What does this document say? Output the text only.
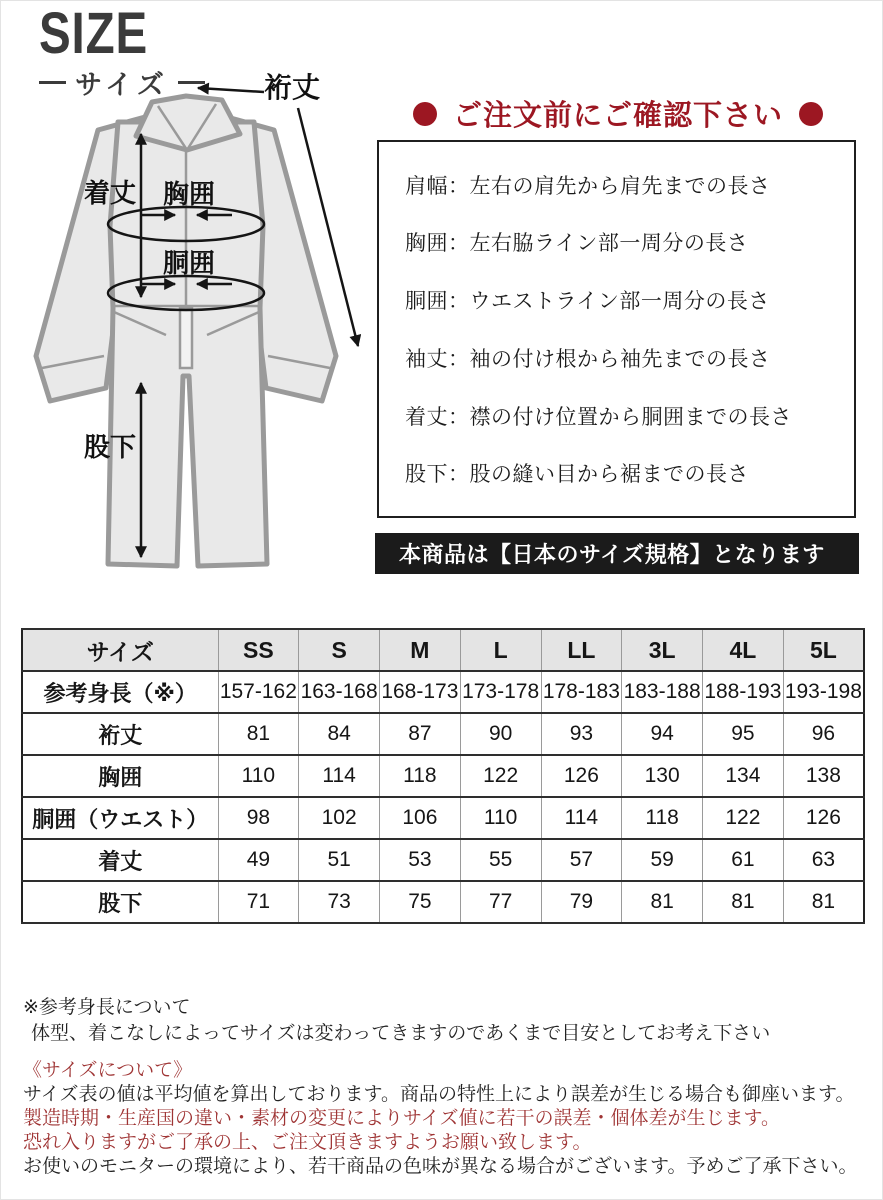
SIZE
サイズ	裄丈
着丈 胸囲
胴囲
股下
ご注文前にご確認下さい
肩幅：左右の肩先から肩先までの長さ
胸囲：左右脇ライン部一周分の長さ
胴囲：ウエストライン部一周分の長さ
袖丈：袖の付け根から袖先までの長さ
着丈：襟の付け位置から胴囲までの長さ
股下：股の縫い目から裾までの長さ
本商品は【日本のサイズ規格】となります
サイズ	SS	S	M	L	LL	3L	4L	5L
参考身長（※）	157-162	163-168	168-173	173-178	178-183	183-188	188-193	193-198
裄丈	81	84	87	90	93	94	95	96
胸囲	110	114	118	122	126	130	134	138
胴囲（ウエスト）	98	102	106	110	114	118	122	126
着丈	49	51	53	55	57	59	61	63
股下	71	73	75	77	79	81	81	81
※参考身長について
体型、着こなしによってサイズは変わってきますのであくまで目安としてお考え下さい
《サイズについて》
サイズ表の値は平均値を算出しております。商品の特性上により誤差が生じる場合も御座います。
製造時期・生産国の違い・素材の変更によりサイズ値に若干の誤差・個体差が生じます。
恐れ入りますがご了承の上、ご注文頂きますようお願い致します。
お使いのモニターの環境により、若干商品の色味が異なる場合がございます。予めご了承下さい。
